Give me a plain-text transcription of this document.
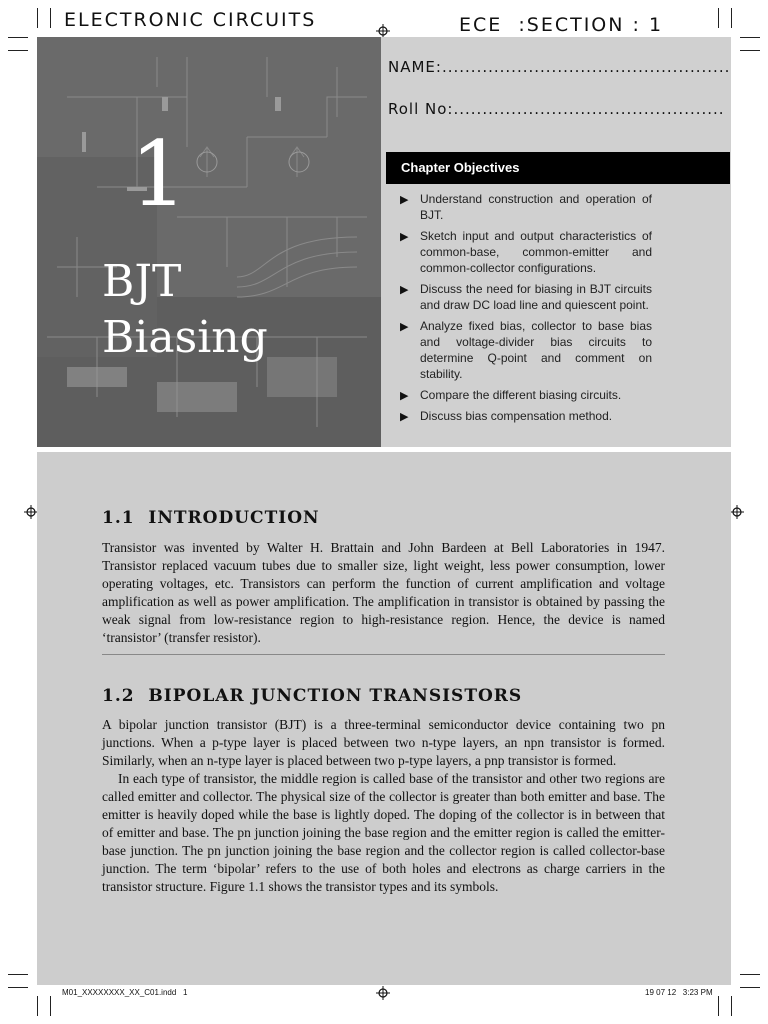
ELECTRONIC CIRCUITS	ECE  :SECTION : 1
1
BJT
Biasing
NAME:..................................................
Roll No:...............................................
Chapter Objectives
▶ Understand construction and operation of BJT.
▶ Sketch input and output characteristics of common-base, common-emitter and common-collector configurations.
▶ Discuss the need for biasing in BJT circuits and draw DC load line and quiescent point.
▶ Analyze fixed bias, collector to base bias and voltage-divider bias circuits to determine Q-point and comment on stability.
▶ Compare the different biasing circuits.
▶ Discuss bias compensation method.
1.1  INTRODUCTION

Transistor was invented by Walter H. Brattain and John Bardeen at Bell Laboratories in 1947. Transistor replaced vacuum tubes due to smaller size, light weight, less power consumption, lower operating voltages, etc. Transistors can perform the function of current amplification and voltage amplification as well as power amplification. The amplification in transistor is obtained by passing the weak signal from low-resistance region to high-resistance region. Hence, the device is named ‘transistor’ (transfer resistor).

1.2  BIPOLAR JUNCTION TRANSISTORS

A bipolar junction transistor (BJT) is a three-terminal semiconductor device containing two pn junctions. When a p-type layer is placed between two n-type layers, an npn transistor is formed. Similarly, when an n-type layer is placed between two p-type layers, a pnp transistor is formed.

In each type of transistor, the middle region is called base of the transistor and other two regions are called emitter and collector. The physical size of the collector is greater than both emitter and base. The emitter is heavily doped while the base is lightly doped. The doping of the collector is in between that of emitter and base. The pn junction joining the base region and the emitter region is called the emitter-base junction. The pn junction joining the base region and the collector region is called collector-base junction. The term ‘bipolar’ refers to the use of both holes and electrons as charge carriers in the transistor structure. Figure 1.1 shows the transistor types and its symbols.

M01_XXXXXXXX_XX_C01.indd   1	19 07 12   3:23 PM
